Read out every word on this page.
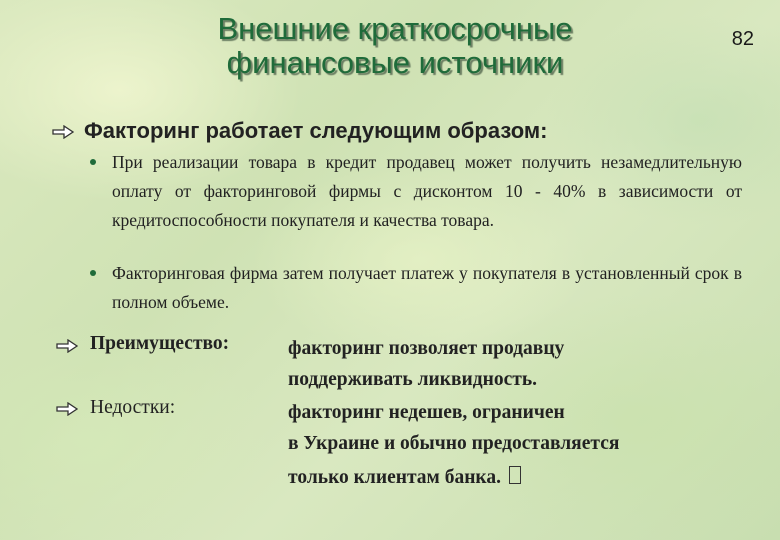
Внешние краткосрочные
финансовые источники
82
Факторинг работает следующим образом:
При реализации товара в кредит продавец может получить незамедлительную оплату от факторинговой фирмы с дисконтом 10 - 40% в зависимости от кредитоспособности покупателя и качества товара.
Факторинговая фирма затем получает платеж у покупателя в установленный срок в полном объеме.
Преимущество:	факторинг позволяет продавцу
поддерживать ликвидность.
Недостки:	факторинг недешев, ограничен
в Украине и обычно предоставляется
только клиентам банка.
